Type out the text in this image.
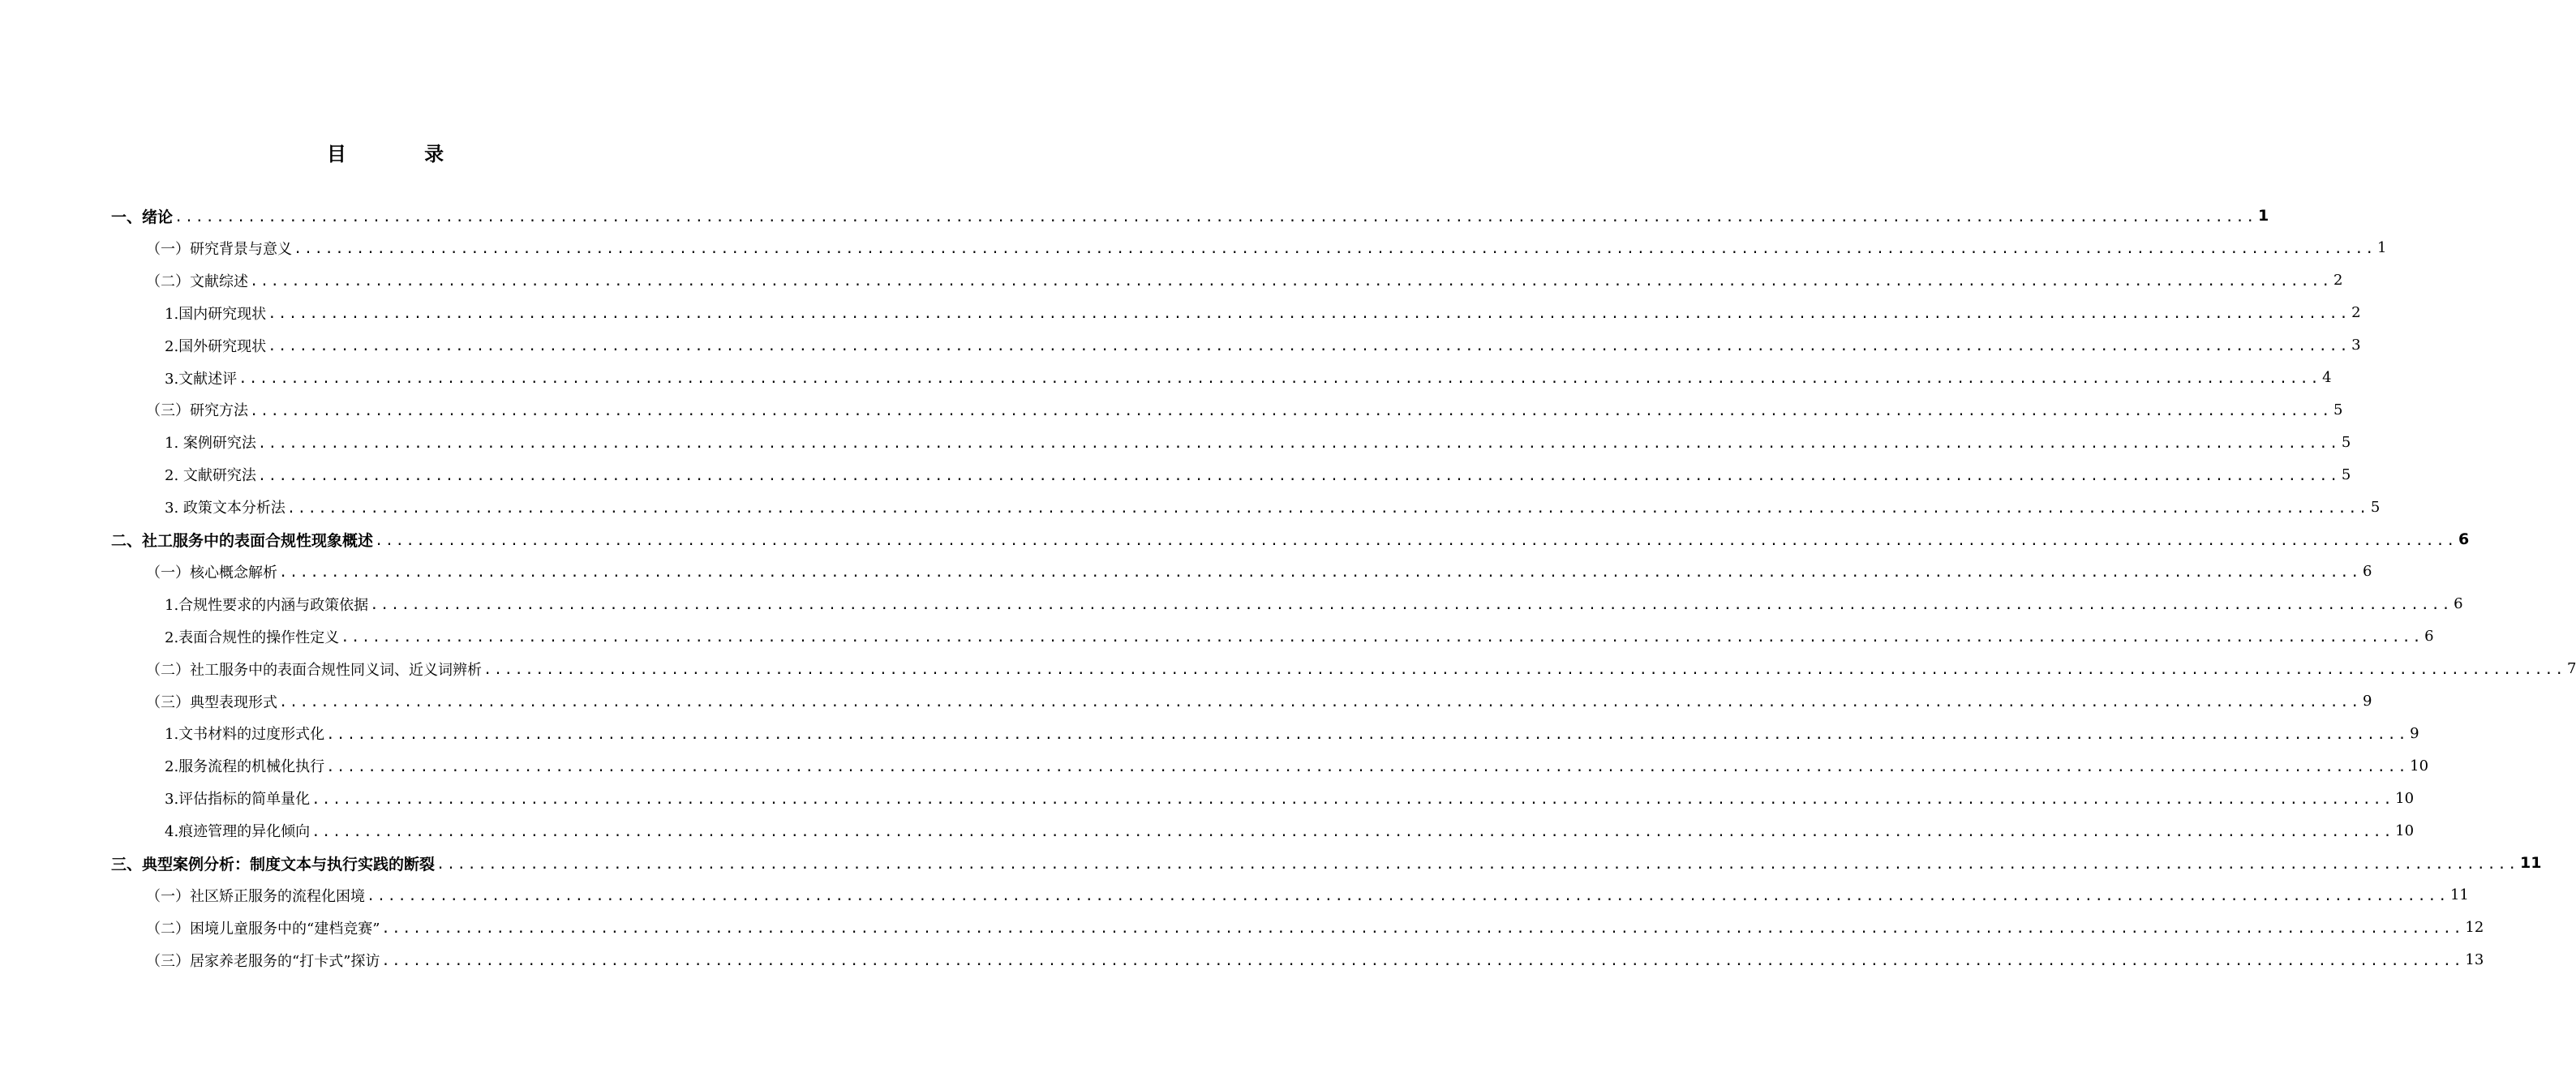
目 录
一、绪论 ........................................................................................................................................................................................................ 1
（一）研究背景与意义 ........................................................................................................................................................................................................ 1
（二）文献综述 ........................................................................................................................................................................................................ 2
1.国内研究现状 ........................................................................................................................................................................................................ 2
2.国外研究现状 ........................................................................................................................................................................................................ 3
3.文献述评 ........................................................................................................................................................................................................ 4
（三）研究方法 ........................................................................................................................................................................................................ 5
1. 案例研究法 ........................................................................................................................................................................................................ 5
2. 文献研究法 ........................................................................................................................................................................................................ 5
3. 政策文本分析法 ........................................................................................................................................................................................................ 5
二、社工服务中的表面合规性现象概述 ........................................................................................................................................................................................................ 6
（一）核心概念解析 ........................................................................................................................................................................................................ 6
1.合规性要求的内涵与政策依据 ........................................................................................................................................................................................................ 6
2.表面合规性的操作性定义 ........................................................................................................................................................................................................ 6
（二）社工服务中的表面合规性同义词、近义词辨析 ........................................................................................................................................................................................................ 7
（三）典型表现形式 ........................................................................................................................................................................................................ 9
1.文书材料的过度形式化 ........................................................................................................................................................................................................ 9
2.服务流程的机械化执行 ........................................................................................................................................................................................................ 10
3.评估指标的简单量化 ........................................................................................................................................................................................................ 10
4.痕迹管理的异化倾向 ........................................................................................................................................................................................................ 10
三、典型案例分析：制度文本与执行实践的断裂 ........................................................................................................................................................................................................ 11
（一）社区矫正服务的流程化困境 ........................................................................................................................................................................................................ 11
（二）困境儿童服务中的“建档竞赛” ........................................................................................................................................................................................................ 12
（三）居家养老服务的“打卡式”探访 ........................................................................................................................................................................................................ 13
